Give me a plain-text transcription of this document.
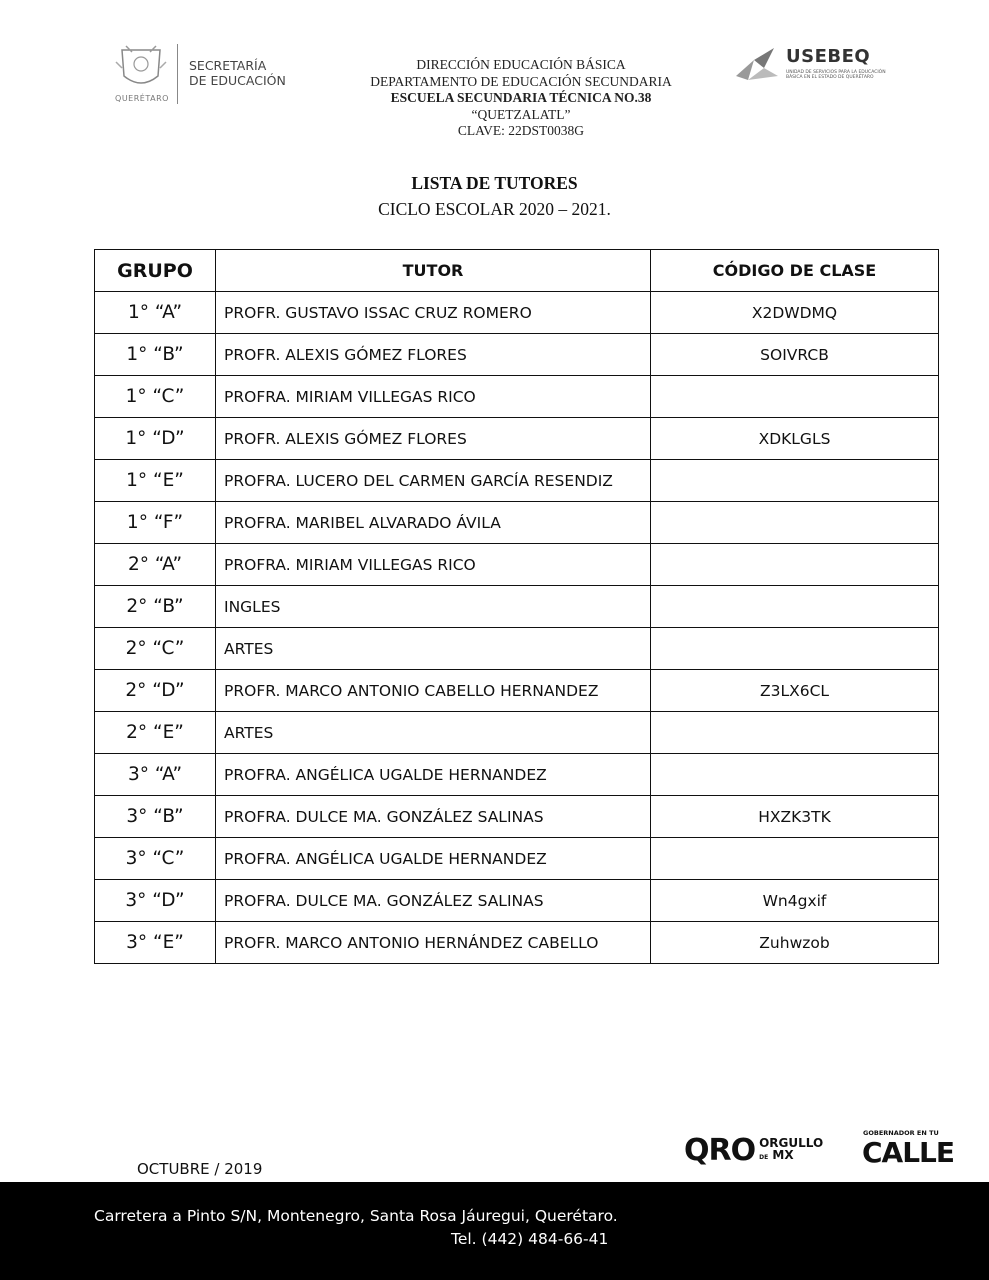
QUERÉTARO
SECRETARÍA
DE EDUCACIÓN
DIRECCIÓN EDUCACIÓN BÁSICA
DEPARTAMENTO DE EDUCACIÓN SECUNDARIA
ESCUELA SECUNDARIA TÉCNICA NO.38
“QUETZALATL”
CLAVE: 22DST0038G
USEBEQ
UNIDAD DE SERVICIOS PARA LA EDUCACIÓN BÁSICA EN EL ESTADO DE QUERÉTARO
LISTA DE TUTORES
CICLO ESCOLAR 2020 – 2021.
GRUPO	TUTOR	CÓDIGO DE CLASE
1° “A”	PROFR. GUSTAVO ISSAC CRUZ ROMERO	X2DWDMQ
1° “B”	PROFR. ALEXIS GÓMEZ FLORES	SOIVRCB
1° “C”	PROFRA. MIRIAM VILLEGAS RICO	
1° “D”	PROFR. ALEXIS GÓMEZ FLORES	XDKLGLS
1° “E”	PROFRA. LUCERO DEL CARMEN GARCÍA RESENDIZ	
1° “F”	PROFRA. MARIBEL ALVARADO ÁVILA	
2° “A”	PROFRA. MIRIAM VILLEGAS RICO	
2° “B”	INGLES	
2° “C”	ARTES	
2° “D”	PROFR. MARCO ANTONIO CABELLO HERNANDEZ	Z3LX6CL
2° “E”	ARTES	
3° “A”	PROFRA. ANGÉLICA UGALDE HERNANDEZ	
3° “B”	PROFRA. DULCE MA. GONZÁLEZ SALINAS	HXZK3TK
3° “C”	PROFRA. ANGÉLICA UGALDE HERNANDEZ	
3° “D”	PROFRA. DULCE MA. GONZÁLEZ SALINAS	Wn4gxif
3° “E”	PROFR. MARCO ANTONIO HERNÁNDEZ CABELLO	Zuhwzob
OCTUBRE / 2019
QRO ORGULLO
DE MX
GOBERNADOR EN TU
CALLE
Carretera a Pinto S/N, Montenegro, Santa Rosa Jáuregui, Querétaro.
Tel. (442) 484-66-41
